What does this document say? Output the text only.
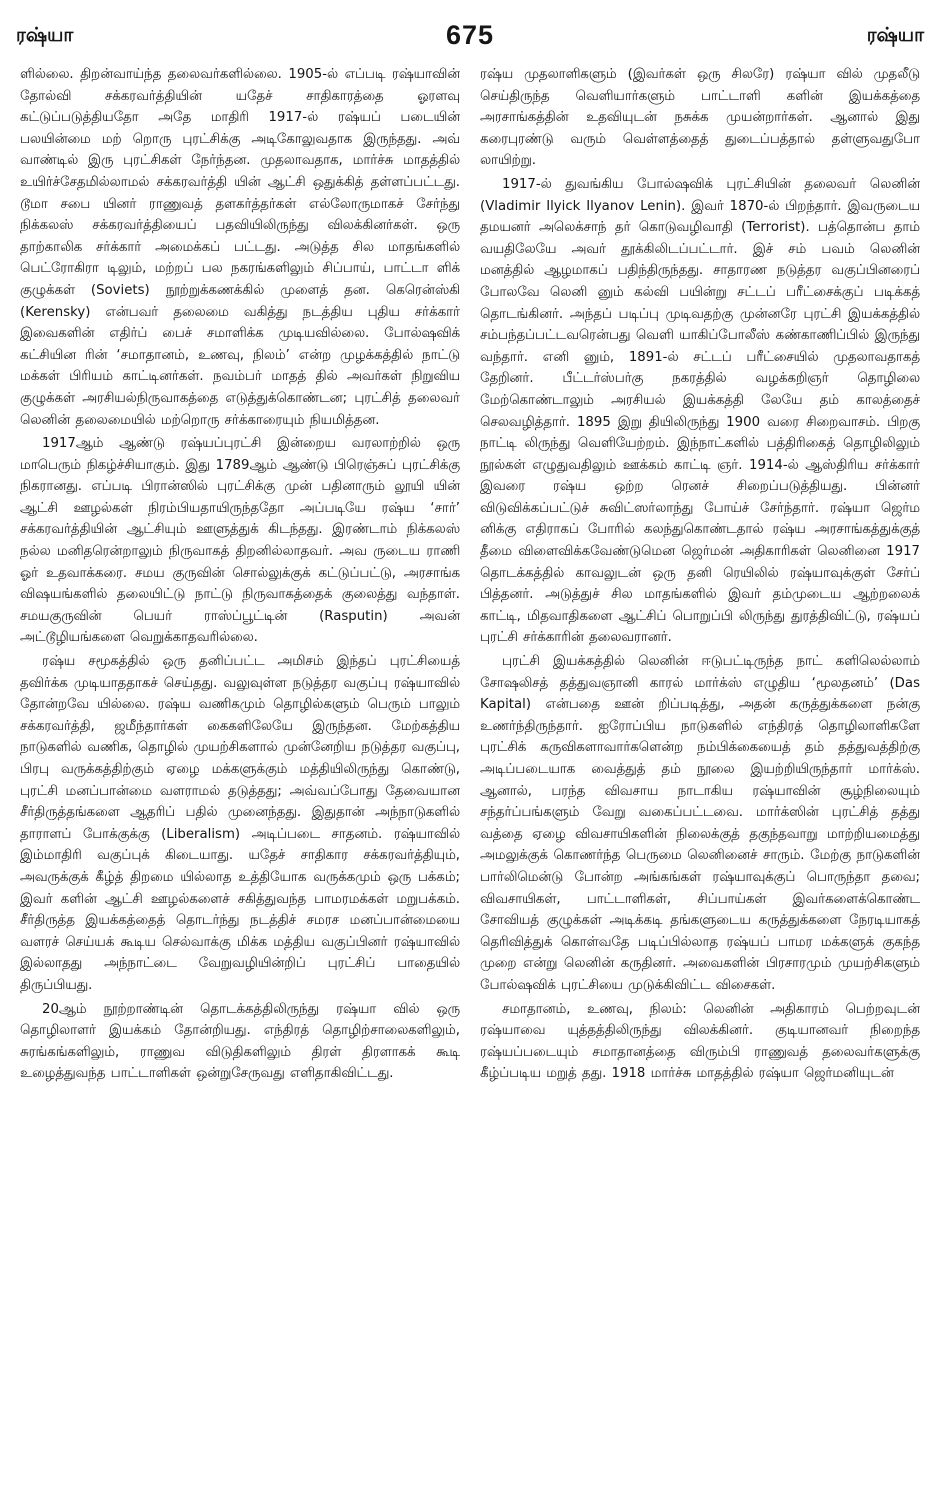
ரஷ்யா	675	ரஷ்யா

ளில்லை. திறன்வாய்ந்த தலைவர்களில்லை. 1905-ல் எப்படி ரஷ்யாவின் தோல்வி சக்கரவர்த்தியின் யதேச் சாதிகாரத்தை ஓரளவு கட்டுப்படுத்தியதோ அதே மாதிரி 1917-ல் ரஷ்யப் படையின் பலயின்மை மற் றொரு புரட்சிக்கு அடிகோலுவதாக இருந்தது. அவ் வாண்டில் இரு புரட்சிகள் நேர்ந்தன. முதலாவதாக, மார்ச்சு மாதத்தில் உயிர்ச்சேதமில்லாமல் சக்கரவர்த்தி யின் ஆட்சி ஒதுக்கித் தள்ளப்பட்டது. டூமா சபை யினர் ராணுவத் தளகர்த்தர்கள் எல்லோருமாகச் சேர்ந்து நிக்கலஸ் சக்கரவர்த்தியைப் பதவியிலிருந்து விலக்கினர்கள். ஒரு தாற்காலிக சர்க்கார் அமைக்கப் பட்டது. அடுத்த சில மாதங்களில் பெட்ரோகிரா டிலும், மற்றப் பல நகரங்களிலும் சிப்பாய், பாட்டா ளிக் குழுக்கள் (Soviets) நூற்றுக்கணக்கில் முளைத் தன. கெரென்ஸ்கி (Kerensky) என்பவர் தலைமை வகித்து நடத்திய புதிய சர்க்கார் இவைகளின் எதிர்ப் பைச் சமாளிக்க முடியவில்லை. போல்ஷவிக் கட்சியின ரின் ‘சமாதானம், உணவு, நிலம்’ என்ற முழக்கத்தில் நாட்டு மக்கள் பிரியம் காட்டினர்கள். நவம்பர் மாதத் தில் அவர்கள் நிறுவிய குழுக்கள் அரசியல்நிருவாகத்தை எடுத்துக்கொண்டன; புரட்சித் தலைவர் லெனின் தலைமையில் மற்றொரு சர்க்காரையும் நியமித்தன.

1917ஆம் ஆண்டு ரஷ்யப்புரட்சி இன்றைய வரலாற்றில் ஒரு மாபெரும் நிகழ்ச்சியாகும். இது 1789ஆம் ஆண்டு பிரெஞ்சுப் புரட்சிக்கு நிகரானது. எப்படி பிரான்ஸில் புரட்சிக்கு முன் பதினாரும் லூயி யின் ஆட்சி ஊழல்கள் நிரம்பியதாயிருந்ததோ அப்படியே ரஷ்ய ‘சார்’ சக்கரவர்த்தியின் ஆட்சியும் ஊளுத்துக் கிடந்தது. இரண்டாம் நிக்கலஸ் நல்ல மனிதரென்றாலும் நிருவாகத் திறனில்லாதவர். அவ ருடைய ராணி ஓர் உதவாக்கரை. சமய குருவின் சொல்லுக்குக் கட்டுப்பட்டு, அரசாங்க விஷயங்களில் தலையிட்டு நாட்டு நிருவாகத்தைக் குலைத்து வந்தாள். சமயகுருவின் பெயர் ராஸ்ப்பூட்டின் (Rasputin) அவன் அட்டூழியங்களை வெறுக்காதவரில்லை.

ரஷ்ய சமூகத்தில் ஒரு தனிப்பட்ட அமிசம் இந்தப் புரட்சியைத் தவிர்க்க முடியாததாகச் செய்தது. வலுவுள்ள நடுத்தர வகுப்பு ரஷ்யாவில் தோன்றவே யில்லை. ரஷ்ய வணிகமும் தொழில்களும் பெரும் பாலும் சக்கரவர்த்தி, ஜமீந்தார்கள் கைகளிலேயே இருந்தன. மேற்கத்திய நாடுகளில் வணிக, தொழில் முயற்சிகளால் முன்னேறிய நடுத்தர வகுப்பு, பிரபு வருக்கத்திற்கும் ஏழை மக்களுக்கும் மத்தியிலிருந்து கொண்டு, புரட்சி மனப்பான்மை வளராமல் தடுத்தது; அவ்வப்போது தேவையான சீர்திருத்தங்களை ஆதரிப் பதில் முனைந்தது. இதுதான் அந்நாடுகளில் தாராளப் போக்குக்கு (Liberalism) அடிப்படை சாதனம். ரஷ்யாவில் இம்மாதிரி வகுப்புக் கிடையாது. யதேச் சாதிகார சக்கரவர்த்தியும், அவருக்குக் கீழ்த் திறமை யில்லாத உத்தியோக வருக்கமும் ஒரு பக்கம்; இவர் களின் ஆட்சி ஊழல்களைச் சகித்துவந்த பாமரமக்கள் மறுபக்கம். சீர்திருத்த இயக்கத்தைத் தொடர்ந்து நடத்திச் சமரச மனப்பான்மையை வளரச் செய்யக் கூடிய செல்வாக்கு மிக்க மத்திய வகுப்பினர் ரஷ்யாவில் இல்லாதது அந்நாட்டை வேறுவழியின்றிப் புரட்சிப் பாதையில் திருப்பியது.

20ஆம் நூற்றாண்டின் தொடக்கத்திலிருந்து ரஷ்யா வில் ஒரு தொழிலாளர் இயக்கம் தோன்றியது. எந்திரத் தொழிற்சாலைகளிலும், சுரங்கங்களிலும், ராணுவ விடுதிகளிலும் திரள் திரளாகக் கூடி உழைத்துவந்த பாட்டாளிகள் ஒன்றுசேருவது எளிதாகிவிட்டது.

ரஷ்ய முதலாளிகளும் (இவர்கள் ஒரு சிலரே) ரஷ்யா வில் முதலீடு செய்திருந்த வெளியார்களும் பாட்டாளி களின் இயக்கத்தை அரசாங்கத்தின் உதவியுடன் நசுக்க முயன்றார்கள். ஆனால் இது கரைபுரண்டு வரும் வெள்ளத்தைத் துடைப்பத்தால் தள்ளுவதுபோ லாயிற்று.

1917-ல் துவங்கிய போல்ஷவிக் புரட்சியின் தலைவர் லெனின் (Vladimir Ilyick Ilyanov Lenin). இவர் 1870-ல் பிறந்தார். இவருடைய தமயனர் அலெக்சாந் தர் கொடுவழிவாதி (Terrorist). பத்தொன்ப தாம் வயதிலேயே அவர் தூக்கிலிடப்பட்டார். இச் சம் பவம் லெனின் மனத்தில் ஆழமாகப் பதிந்திருந்தது. சாதாரண நடுத்தர வகுப்பினரைப் போலவே லெனி னும் கல்வி பயின்று சட்டப் பரீட்சைக்குப் படிக்கத் தொடங்கினர். அந்தப் படிப்பு முடிவதற்கு முன்னரே புரட்சி இயக்கத்தில் சம்பந்தப்பட்டவரென்பது வெளி யாகிப்போலீஸ் கண்காணிப்பில் இருந்து வந்தார். எனி னும், 1891-ல் சட்டப் பரீட்சையில் முதலாவதாகத் தேறினர். பீட்டர்ஸ்பர்கு நகரத்தில் வழக்கறிஞர் தொழிலை மேற்கொண்டாலும் அரசியல் இயக்கத்தி லேயே தம் காலத்தைச் செலவழித்தார். 1895 இறு தியிலிருந்து 1900 வரை சிறைவாசம். பிறகு நாட்டி லிருந்து வெளியேற்றம். இந்நாட்களில் பத்திரிகைத் தொழிலிலும் நூல்கள் எழுதுவதிலும் ஊக்கம் காட்டி ஞர். 1914-ல் ஆஸ்திரிய சர்க்கார் இவரை ரஷ்ய ஒற்ற ரெனச் சிறைப்படுத்தியது. பின்னர் விடுவிக்கப்பட்டுச் சுவிட்ஸர்லாந்து போய்ச் சேர்ந்தார். ரஷ்யா ஜெர்ம னிக்கு எதிராகப் போரில் கலந்துகொண்டதால் ரஷ்ய அரசாங்கத்துக்குத் தீமை விளைவிக்கவேண்டுமென ஜெர்மன் அதிகாரிகள் லெனினை 1917 தொடக்கத்தில் காவலுடன் ஒரு தனி ரெயிலில் ரஷ்யாவுக்குள் சேர்ப் பித்தனர். அடுத்துச் சில மாதங்களில் இவர் தம்முடைய ஆற்றலைக் காட்டி, மிதவாதிகளை ஆட்சிப் பொறுப்பி லிருந்து துரத்திவிட்டு, ரஷ்யப் புரட்சி சர்க்காரின் தலைவரானர்.

புரட்சி இயக்கத்தில் லெனின் ஈடுபட்டிருந்த நாட் களிலெல்லாம் சோஷலிசத் தத்துவஞானி காரல் மார்க்ஸ் எழுதிய ‘மூலதனம்’ (Das Kapital) என்பதை ஊன் றிப்படித்து, அதன் கருத்துக்களை நன்கு உணர்ந்திருந்தார். ஐரோப்பிய நாடுகளில் எந்திரத் தொழிலாளிகளே புரட்சிக் கருவிகளாவார்களென்ற நம்பிக்கையைத் தம் தத்துவத்திற்கு அடிப்படையாக வைத்துத் தம் நூலை இயற்றியிருந்தார் மார்க்ஸ். ஆனால், பரந்த விவசாய நாடாகிய ரஷ்யாவின் சூழ்நிலையும் சந்தர்ப்பங்களும் வேறு வகைப்பட்டவை. மார்க்ஸின் புரட்சித் தத்து வத்தை ஏழை விவசாயிகளின் நிலைக்குத் தகுந்தவாறு மாற்றியமைத்து அமலுக்குக் கொணர்ந்த பெருமை லெனினைச் சாரும். மேற்கு நாடுகளின் பார்லிமென்டு போன்ற அங்கங்கள் ரஷ்யாவுக்குப் பொருந்தா தவை; விவசாயிகள், பாட்டாளிகள், சிப்பாய்கள் இவர்களைக்கொண்ட சோவியத் குழுக்கள் அடிக்கடி தங்களுடைய கருத்துக்களை நேரடியாகத் தெரிவித்துக் கொள்வதே படிப்பில்லாத ரஷ்யப் பாமர மக்களுக் குகந்த முறை என்று லெனின் கருதினர். அவைகளின் பிரசாரமும் முயற்சிகளும் போல்ஷவிக் புரட்சியை முடுக்கிவிட்ட விசைகள்.

சமாதானம், உணவு, நிலம்: லெனின் அதிகாரம் பெற்றவுடன் ரஷ்யாவை யுத்தத்திலிருந்து விலக்கினர். குடியானவர் நிறைந்த ரஷ்யப்படையும் சமாதானத்தை விரும்பி ராணுவத் தலைவர்களுக்கு கீழ்ப்படிய மறுத் தது. 1918 மார்ச்சு மாதத்தில் ரஷ்யா ஜெர்மனியுடன்
